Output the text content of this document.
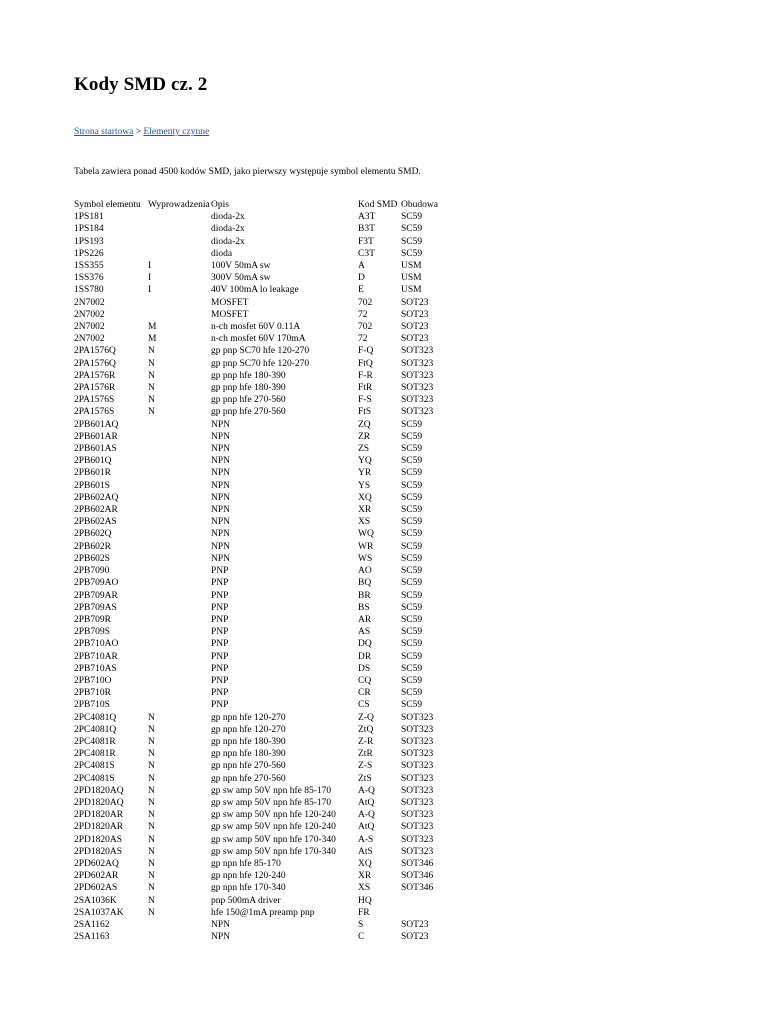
Kody SMD cz. 2
Strona startowa > Elementy czynne
Tabela zawiera ponad 4500 kodów SMD, jako pierwszy występuje symbol elementu SMD.
Symbol elementu	Wyprowadzenia	Opis	Kod SMD	Obudowa
1PS181		dioda-2x	A3T	SC59
1PS184		dioda-2x	B3T	SC59
1PS193		dioda-2x	F3T	SC59
1PS226		dioda	C3T	SC59
1SS355	I	100V 50mA sw	A	USM
1SS376	I	300V 50mA sw	D	USM
1SS780	I	40V 100mA lo leakage	E	USM
2N7002		MOSFET	702	SOT23
2N7002		MOSFET	72	SOT23
2N7002	M	n-ch mosfet 60V 0.11A	702	SOT23
2N7002	M	n-ch mosfet 60V 170mA	72	SOT23
2PA1576Q	N	gp pnp SC70 hfe 120-270	F-Q	SOT323
2PA1576Q	N	gp pnp SC70 hfe 120-270	FtQ	SOT323
2PA1576R	N	gp pnp hfe 180-390	F-R	SOT323
2PA1576R	N	gp pnp hfe 180-390	FtR	SOT323
2PA1576S	N	gp pnp hfe 270-560	F-S	SOT323
2PA1576S	N	gp pnp hfe 270-560	FtS	SOT323
2PB601AQ		NPN	ZQ	SC59
2PB601AR		NPN	ZR	SC59
2PB601AS		NPN	ZS	SC59
2PB601Q		NPN	YQ	SC59
2PB601R		NPN	YR	SC59
2PB601S		NPN	YS	SC59
2PB602AQ		NPN	XQ	SC59
2PB602AR		NPN	XR	SC59
2PB602AS		NPN	XS	SC59
2PB602Q		NPN	WQ	SC59
2PB602R		NPN	WR	SC59
2PB602S		NPN	WS	SC59
2PB7090		PNP	AO	SC59
2PB709AO		PNP	BQ	SC59
2PB709AR		PNP	BR	SC59
2PB709AS		PNP	BS	SC59
2PB709R		PNP	AR	SC59
2PB709S		PNP	AS	SC59
2PB710AO		PNP	DQ	SC59
2PB710AR		PNP	DR	SC59
2PB710AS		PNP	DS	SC59
2PB710O		PNP	CQ	SC59
2PB710R		PNP	CR	SC59
2PB710S		PNP	CS	SC59
2PC4081Q	N	gp npn hfe 120-270	Z-Q	SOT323
2PC4081Q	N	gp npn hfe 120-270	ZtQ	SOT323
2PC4081R	N	gp npn hfe 180-390	Z-R	SOT323
2PC4081R	N	gp npn hfe 180-390	ZtR	SOT323
2PC4081S	N	gp npn hfe 270-560	Z-S	SOT323
2PC4081S	N	gp npn hfe 270-560	ZtS	SOT323
2PD1820AQ	N	gp sw amp 50V npn hfe 85-170	A-Q	SOT323
2PD1820AQ	N	gp sw amp 50V npn hfe 85-170	AtQ	SOT323
2PD1820AR	N	gp sw amp 50V npn hfe 120-240	A-Q	SOT323
2PD1820AR	N	gp sw amp 50V npn hfe 120-240	AtQ	SOT323
2PD1820AS	N	gp sw amp 50V npn hfe 170-340	A-S	SOT323
2PD1820AS	N	gp sw amp 50V npn hfe 170-340	AtS	SOT323
2PD602AQ	N	gp npn hfe 85-170	XQ	SOT346
2PD602AR	N	gp npn hfe 120-240	XR	SOT346
2PD602AS	N	gp npn hfe 170-340	XS	SOT346
2SA1036K	N	pnp 500mA driver	HQ	
2SA1037AK	N	hfe 150@1mA preamp pnp	FR	
2SA1162		NPN	S	SOT23
2SA1163		NPN	C	SOT23
